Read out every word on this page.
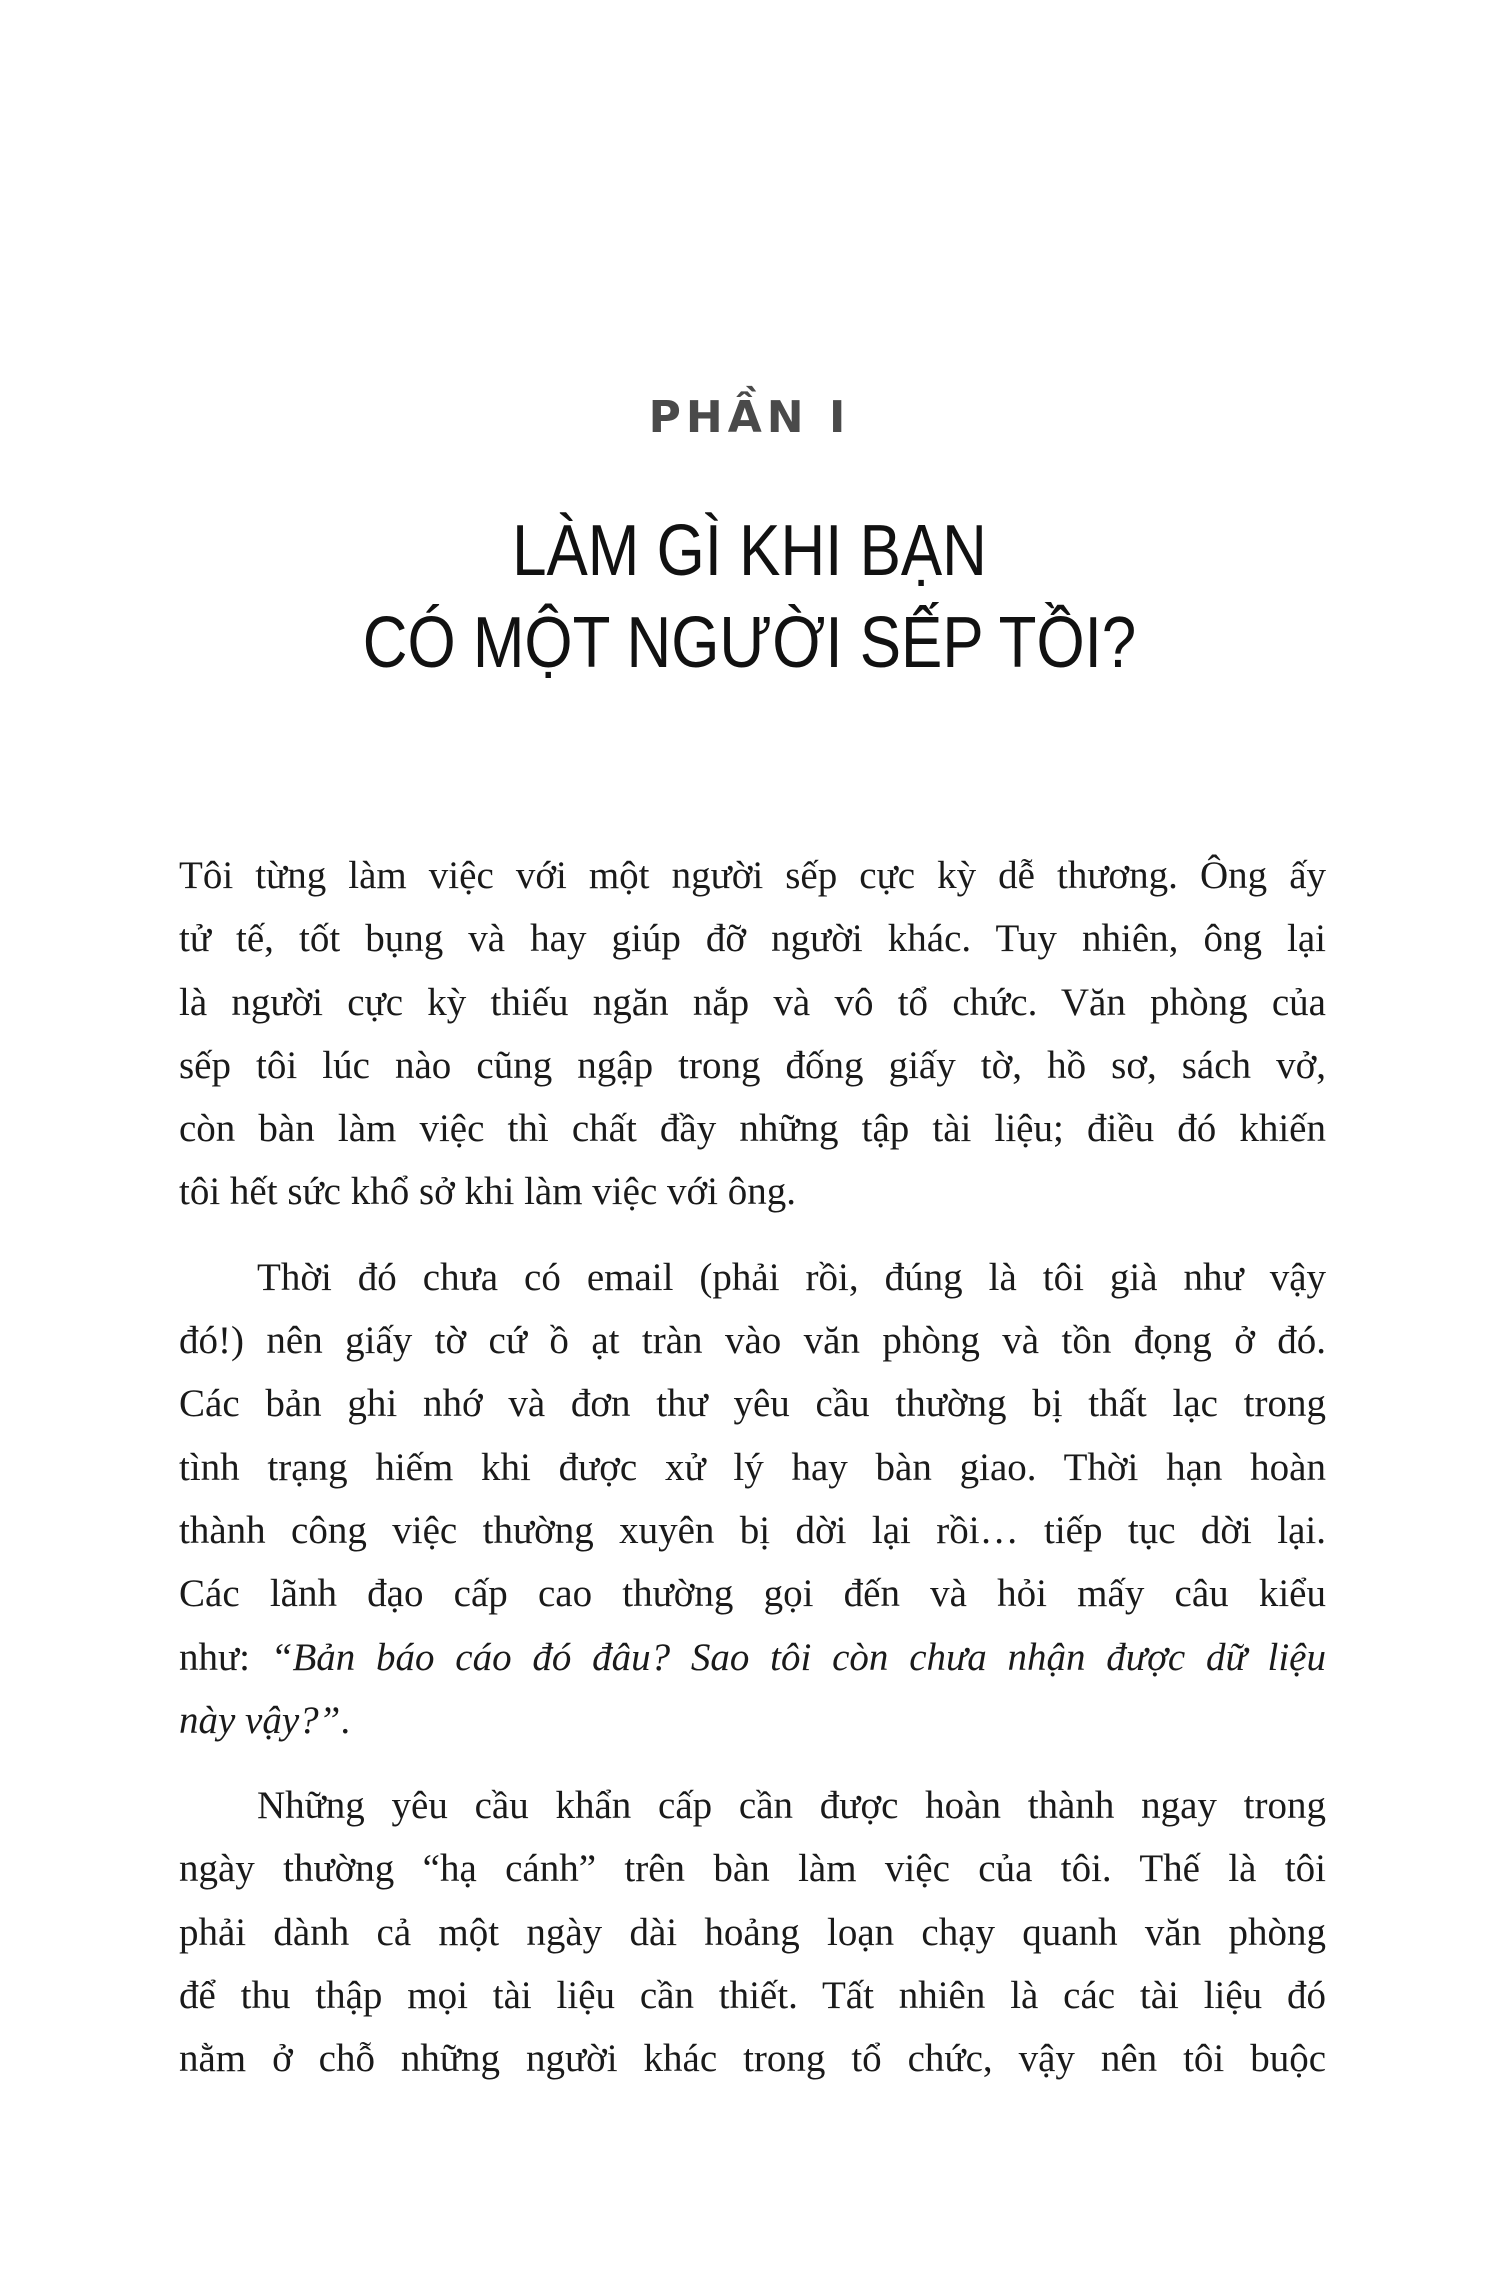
PHẦN I
LÀM GÌ KHI BẠN
CÓ MỘT NGƯỜI SẾP TỒI?
Tôi từng làm việc với một người sếp cực kỳ dễ thương. Ông ấy
tử tế, tốt bụng và hay giúp đỡ người khác. Tuy nhiên, ông lại
là người cực kỳ thiếu ngăn nắp và vô tổ chức. Văn phòng của
sếp tôi lúc nào cũng ngập trong đống giấy tờ, hồ sơ, sách vở,
còn bàn làm việc thì chất đầy những tập tài liệu; điều đó khiến
tôi hết sức khổ sở khi làm việc với ông.
Thời đó chưa có email (phải rồi, đúng là tôi già như vậy
đó!) nên giấy tờ cứ ồ ạt tràn vào văn phòng và tồn đọng ở đó.
Các bản ghi nhớ và đơn thư yêu cầu thường bị thất lạc trong
tình trạng hiếm khi được xử lý hay bàn giao. Thời hạn hoàn
thành công việc thường xuyên bị dời lại rồi… tiếp tục dời lại.
Các lãnh đạo cấp cao thường gọi đến và hỏi mấy câu kiểu
như: “Bản báo cáo đó đâu? Sao tôi còn chưa nhận được dữ liệu
này vậy?”.
Những yêu cầu khẩn cấp cần được hoàn thành ngay trong
ngày thường “hạ cánh” trên bàn làm việc của tôi. Thế là tôi
phải dành cả một ngày dài hoảng loạn chạy quanh văn phòng
để thu thập mọi tài liệu cần thiết. Tất nhiên là các tài liệu đó
nằm ở chỗ những người khác trong tổ chức, vậy nên tôi buộc
